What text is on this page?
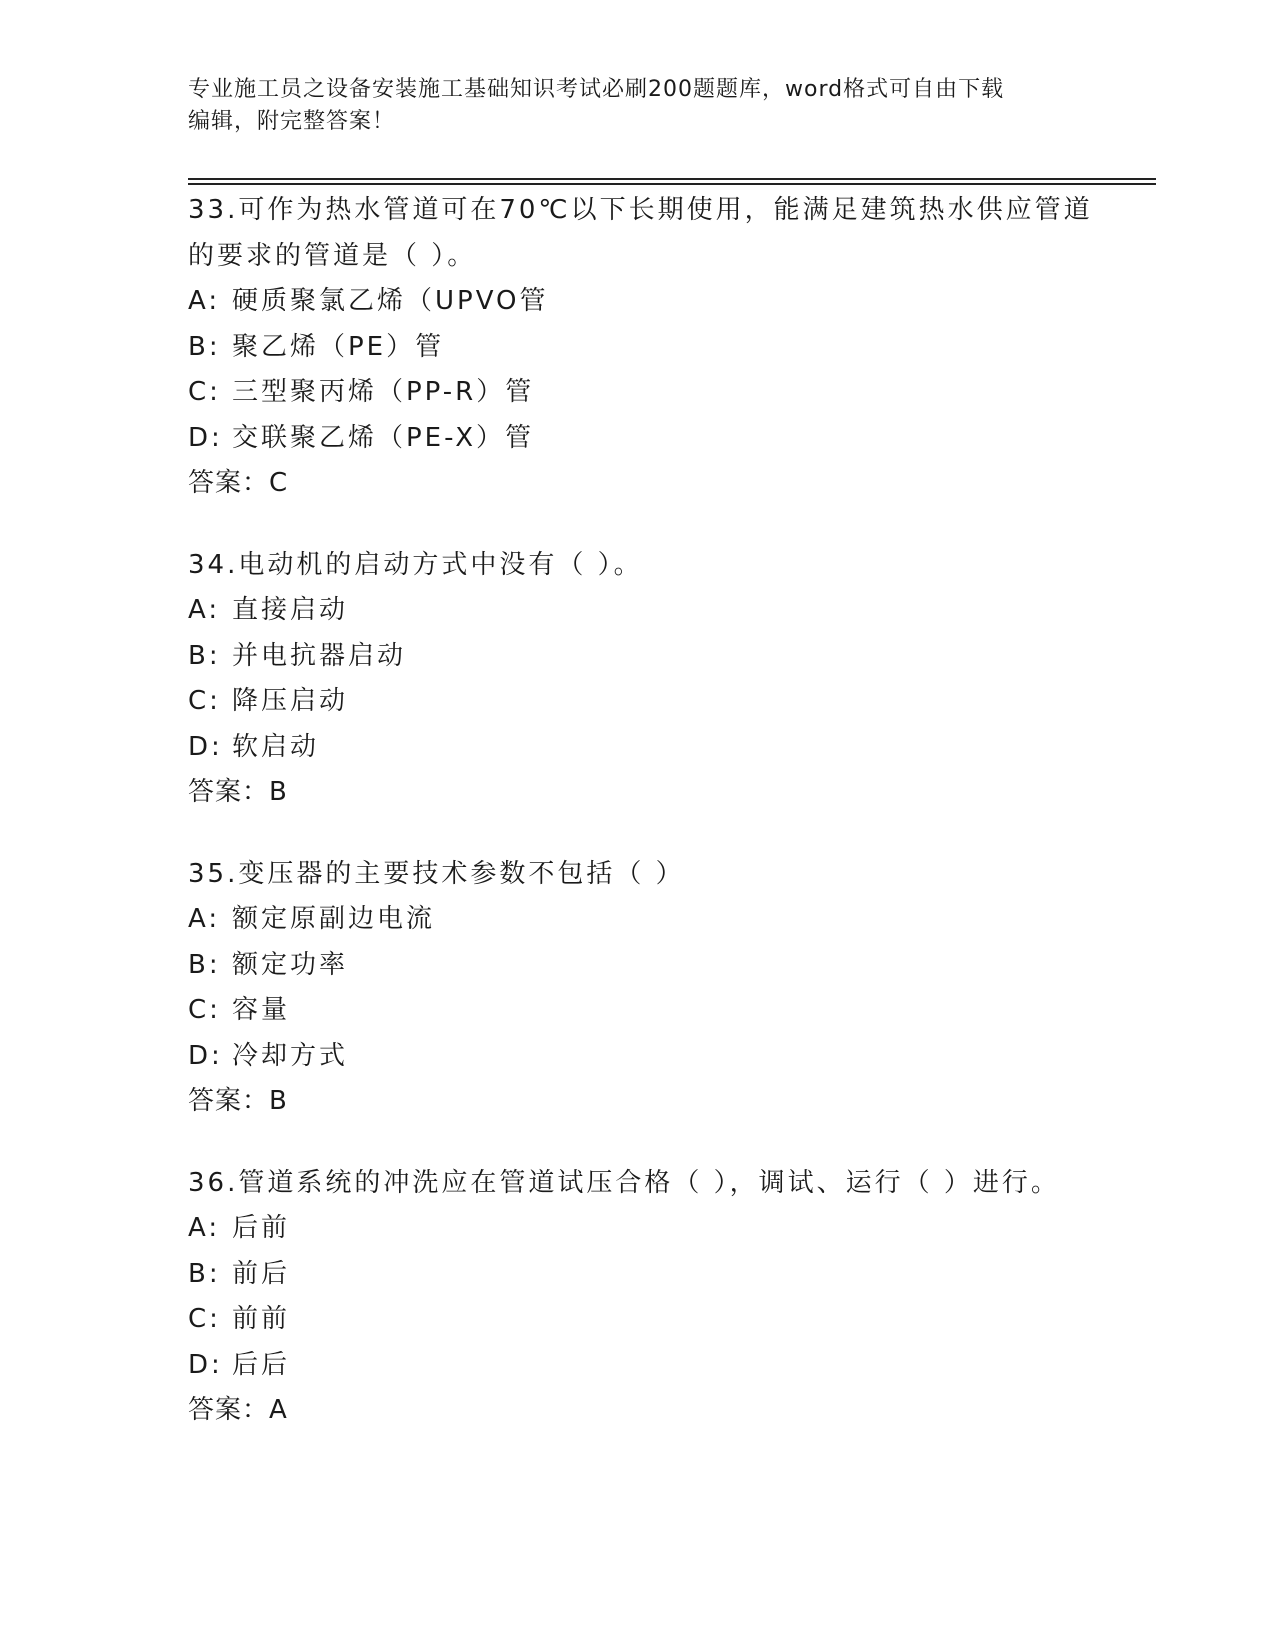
专业施工员之设备安装施工基础知识考试必刷200题题库，word格式可自由下载
编辑，附完整答案！
33.可作为热水管道可在70℃以下长期使用，能满足建筑热水供应管道
的要求的管道是（ ）。
A: 硬质聚氯乙烯（UPVO管
B: 聚乙烯（PE）管
C: 三型聚丙烯（PP-R）管
D: 交联聚乙烯（PE-X）管
答案：C
34.电动机的启动方式中没有（ ）。
A: 直接启动
B: 并电抗器启动
C: 降压启动
D: 软启动
答案：B
35.变压器的主要技术参数不包括（ ）
A: 额定原副边电流
B: 额定功率
C: 容量
D: 冷却方式
答案：B
36.管道系统的冲洗应在管道试压合格（ ），调试、运行（ ）进行。
A: 后前
B: 前后
C: 前前
D: 后后
答案：A
